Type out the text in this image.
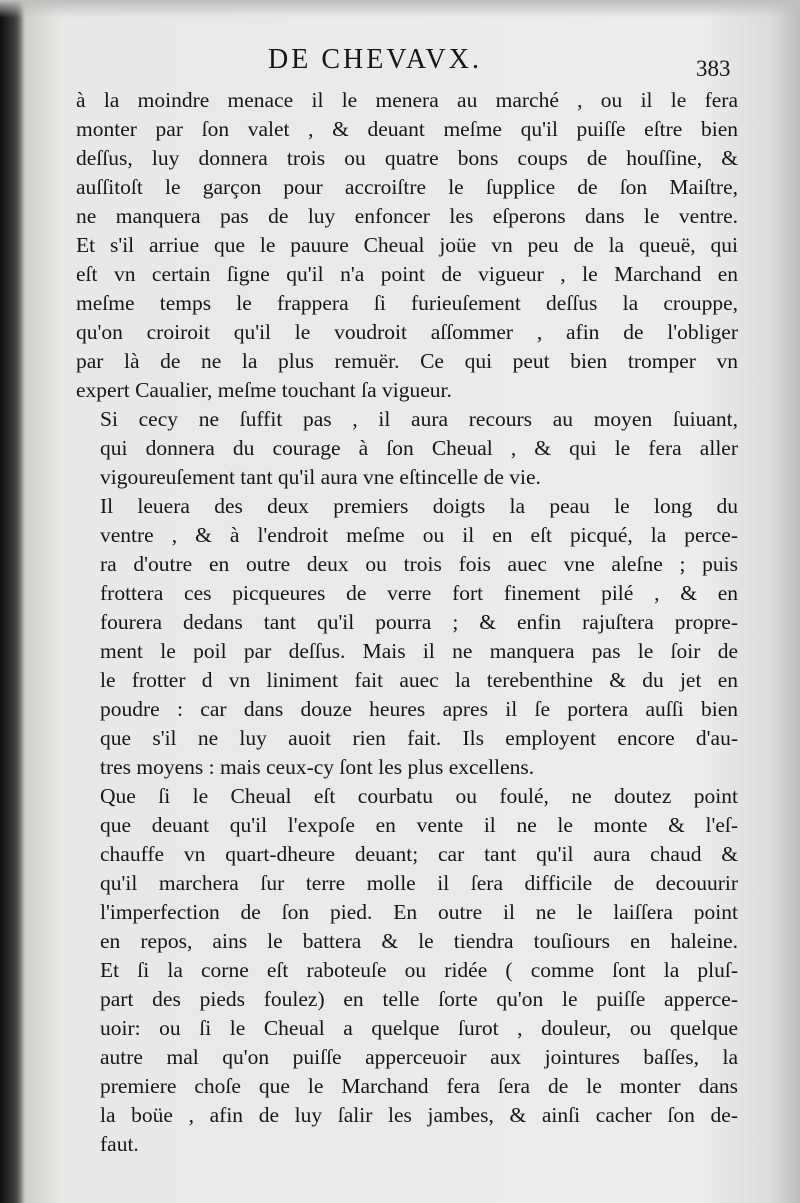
DE CHEVAVX.	383
à la moindre menace il le menera au marché , ou il le fera
monter par ſon valet , & deuant meſme qu'il puiſſe eſtre bien
deſſus, luy donnera trois ou quatre bons coups de houſſine, &
auſſitoſt le garçon pour accroiſtre le ſupplice de ſon Maiſtre,
ne manquera pas de luy enfoncer les eſperons dans le ventre.
Et s'il arriue que le pauure Cheual joüe vn peu de la queuë, qui
eſt vn certain ſigne qu'il n'a point de vigueur , le Marchand en
meſme temps le frappera ſi furieuſement deſſus la crouppe,
qu'on croiroit qu'il le voudroit aſſommer , afin de l'obliger
par là de ne la plus remuër. Ce qui peut bien tromper vn
expert Caualier, meſme touchant ſa vigueur.
Si cecy ne ſuffit pas , il aura recours au moyen ſuiuant,
qui donnera du courage à ſon Cheual , & qui le fera aller
vigoureuſement tant qu'il aura vne eſtincelle de vie.
Il leuera des deux premiers doigts la peau le long du
ventre , & à l'endroit meſme ou il en eſt picqué, la perce-
ra d'outre en outre deux ou trois fois auec vne aleſne ; puis
frottera ces picqueures de verre fort finement pilé , & en
fourera dedans tant qu'il pourra ; & enfin rajuſtera propre-
ment le poil par deſſus. Mais il ne manquera pas le ſoir de
le frotter d vn liniment fait auec la terebenthine & du jet en
poudre : car dans douze heures apres il ſe portera auſſi bien
que s'il ne luy auoit rien fait. Ils employent encore d'au-
tres moyens : mais ceux-cy ſont les plus excellens.
Que ſi le Cheual eſt courbatu ou foulé, ne doutez point
que deuant qu'il l'expoſe en vente il ne le monte & l'eſ-
chauffe vn quart-dheure deuant; car tant qu'il aura chaud &
qu'il marchera ſur terre molle il ſera difficile de decouurir
l'imperfection de ſon pied. En outre il ne le laiſſera point
en repos, ains le battera & le tiendra touſiours en haleine.
Et ſi la corne eſt raboteuſe ou ridée ( comme ſont la pluſ-
part des pieds foulez) en telle ſorte qu'on le puiſſe apperce-
uoir: ou ſi le Cheual a quelque ſurot , douleur, ou quelque
autre mal qu'on puiſſe apperceuoir aux jointures baſſes, la
premiere choſe que le Marchand fera ſera de le monter dans
la boüe , afin de luy ſalir les jambes, & ainſi cacher ſon de-
faut.
